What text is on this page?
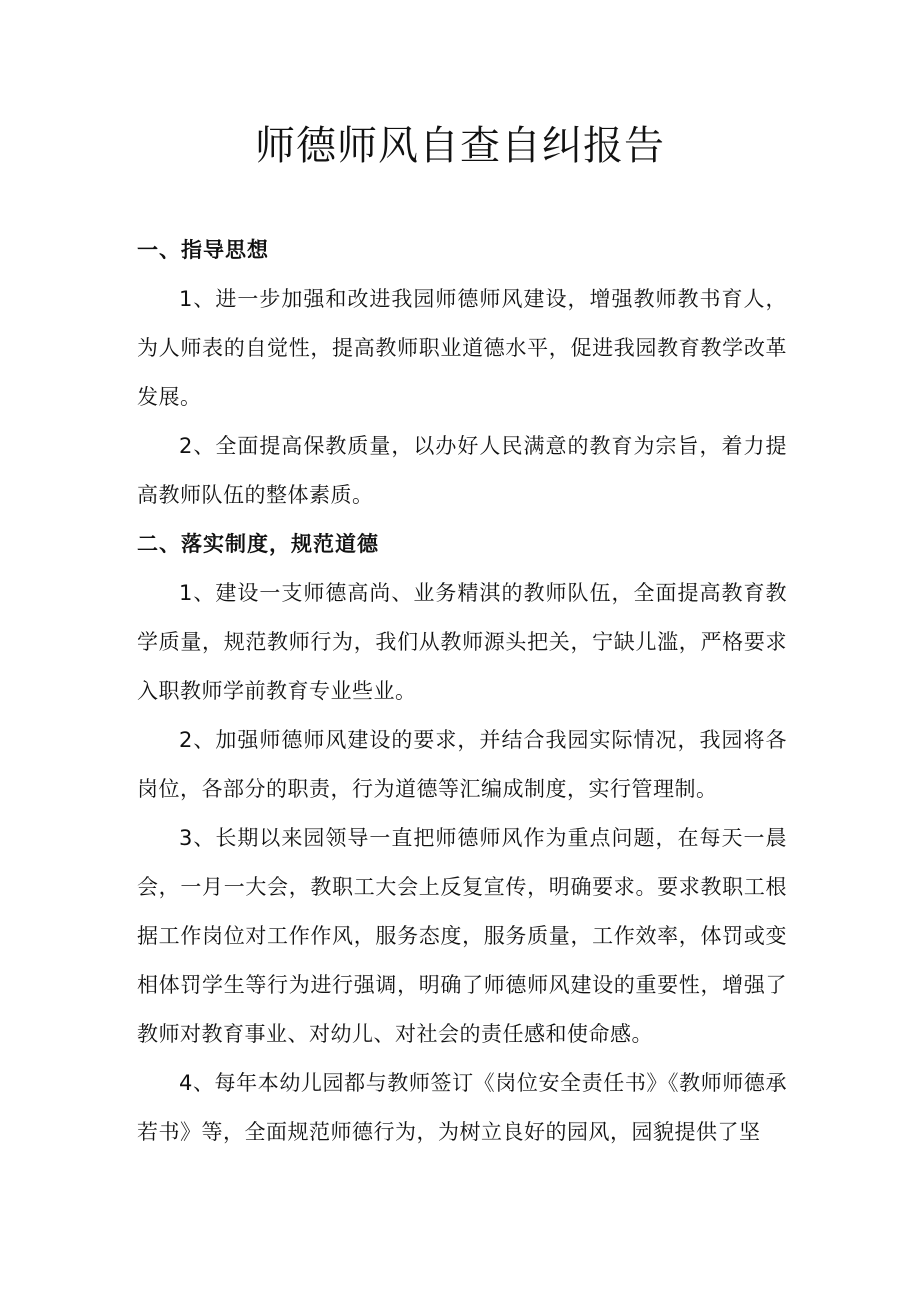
师德师风自查自纠报告

一、指导思想

1、进一步加强和改进我园师德师风建设，增强教师教书育人，为人师表的自觉性，提高教师职业道德水平，促进我园教育教学改革发展。

2、全面提高保教质量，以办好人民满意的教育为宗旨，着力提高教师队伍的整体素质。

二、落实制度，规范道德

1、建设一支师德高尚、业务精淇的教师队伍，全面提高教育教学质量，规范教师行为，我们从教师源头把关，宁缺儿滥，严格要求入职教师学前教育专业些业。

2、加强师德师风建设的要求，并结合我园实际情况，我园将各岗位，各部分的职责，行为道德等汇编成制度，实行管理制。

3、长期以来园领导一直把师德师风作为重点问题，在每天一晨会，一月一大会，教职工大会上反复宣传，明确要求。要求教职工根据工作岗位对工作作风，服务态度，服务质量，工作效率，体罚或变相体罚学生等行为进行强调，明确了师德师风建设的重要性，增强了教师对教育事业、对幼儿、对社会的责任感和使命感。

4、每年本幼儿园都与教师签订《岗位安全责任书》《教师师德承若书》等，全面规范师德行为，为树立良好的园风，园貌提供了坚
